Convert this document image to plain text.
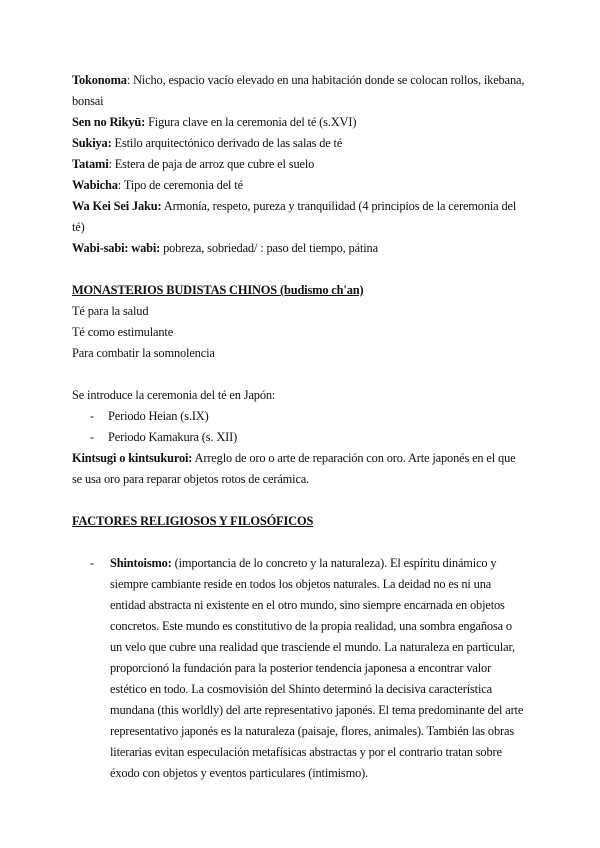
Tokonoma: Nicho, espacio vacío elevado en una habitación donde se colocan rollos, ikebana,
bonsai
Sen no Rikyū: Figura clave en la ceremonia del té (s.XVI)
Sukiya: Estilo arquitectónico derivado de las salas de té
Tatami: Estera de paja de arroz que cubre el suelo
Wabicha: Tipo de ceremonia del té
Wa Kei Sei Jaku: Armonía, respeto, pureza y tranquilidad (4 principios de la ceremonia del
té)
Wabi-sabi: wabi: pobreza, sobriedad/ : paso del tiempo, pátina
MONASTERIOS BUDISTAS CHINOS (budismo ch'an)
Té para la salud
Té como estimulante
Para combatir la somnolencia
Se introduce la ceremonia del té en Japón:
- Periodo Heian (s.IX)
- Periodo Kamakura (s. XII)
Kintsugi o kintsukuroi: Arreglo de oro o arte de reparación con oro. Arte japonés en el que
se usa oro para reparar objetos rotos de cerámica.
FACTORES RELIGIOSOS Y FILOSÓFICOS
- Shintoismo: (importancia de lo concreto y la naturaleza). El espíritu dinámico y
siempre cambiante reside en todos los objetos naturales. La deidad no es ni una
entidad abstracta ni existente en el otro mundo, sino siempre encarnada en objetos
concretos. Este mundo es constitutivo de la propia realidad, una sombra engañosa o
un velo que cubre una realidad que trasciende el mundo. La naturaleza en particular,
proporcionó la fundación para la posterior tendencia japonesa a encontrar valor
estético en todo. La cosmovisión del Shinto determinó la decisiva característica
mundana (this worldly) del arte representativo japonés. El tema predominante del arte
representativo japonés es la naturaleza (paisaje, flores, animales). También las obras
literarias evitan especulación metafísicas abstractas y por el contrario tratan sobre
éxodo con objetos y eventos particulares (intimismo).
